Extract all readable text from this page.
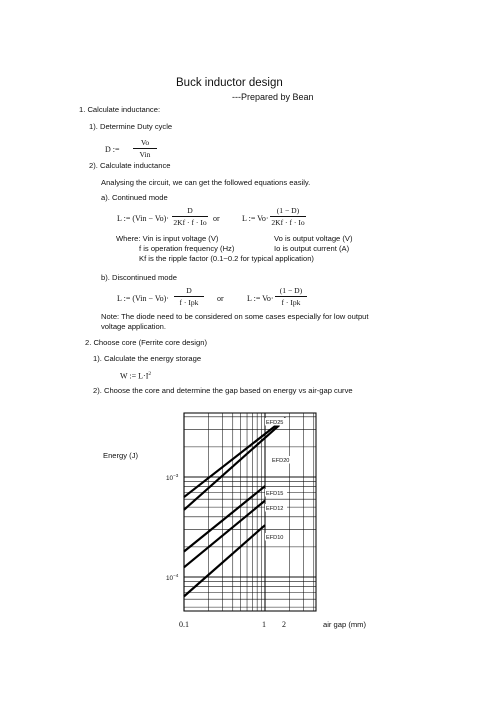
Buck inductor design
---Prepared by Bean
1. Calculate inductance:
1). Determine Duty cycle
D :=
Vo
Vin
2). Calculate inductance
Analysing the circuit, we can get the followed equations easily.
a). Continued mode
L := $(Vin - Vo)\cdot \frac{D}{2Kf \cdot f \cdot Io}$ or	L := $Vo\cdot \frac{(1 - D)}{2Kf \cdot f \cdot Io}$
Where: Vin is input voltage (V)	Vo is output voltage (V)
f is operation frequency (Hz)	Io is output current (A)
Kf is the ripple factor (0.1~0.2 for typical application)
b). Discontinued mode
L := (Vin − Vo)·
D
f · Ipk	or	L := Vo·
(1 − D)
f · Ipk
Note: The diode need to be considered on some cases especially for low output
voltage application.
2. Choose core (Ferrite core design)
1). Calculate the energy storage
W := $L\cdot I^2$
2). Choose the core and determine the gap based on energy vs air-gap curve
Energy (J)
air gap (mm)
0.1	1 2
$10^{-3}$
$10^{-4}$
EFD25
EFD20
EFD15
EFD12
EFD10
